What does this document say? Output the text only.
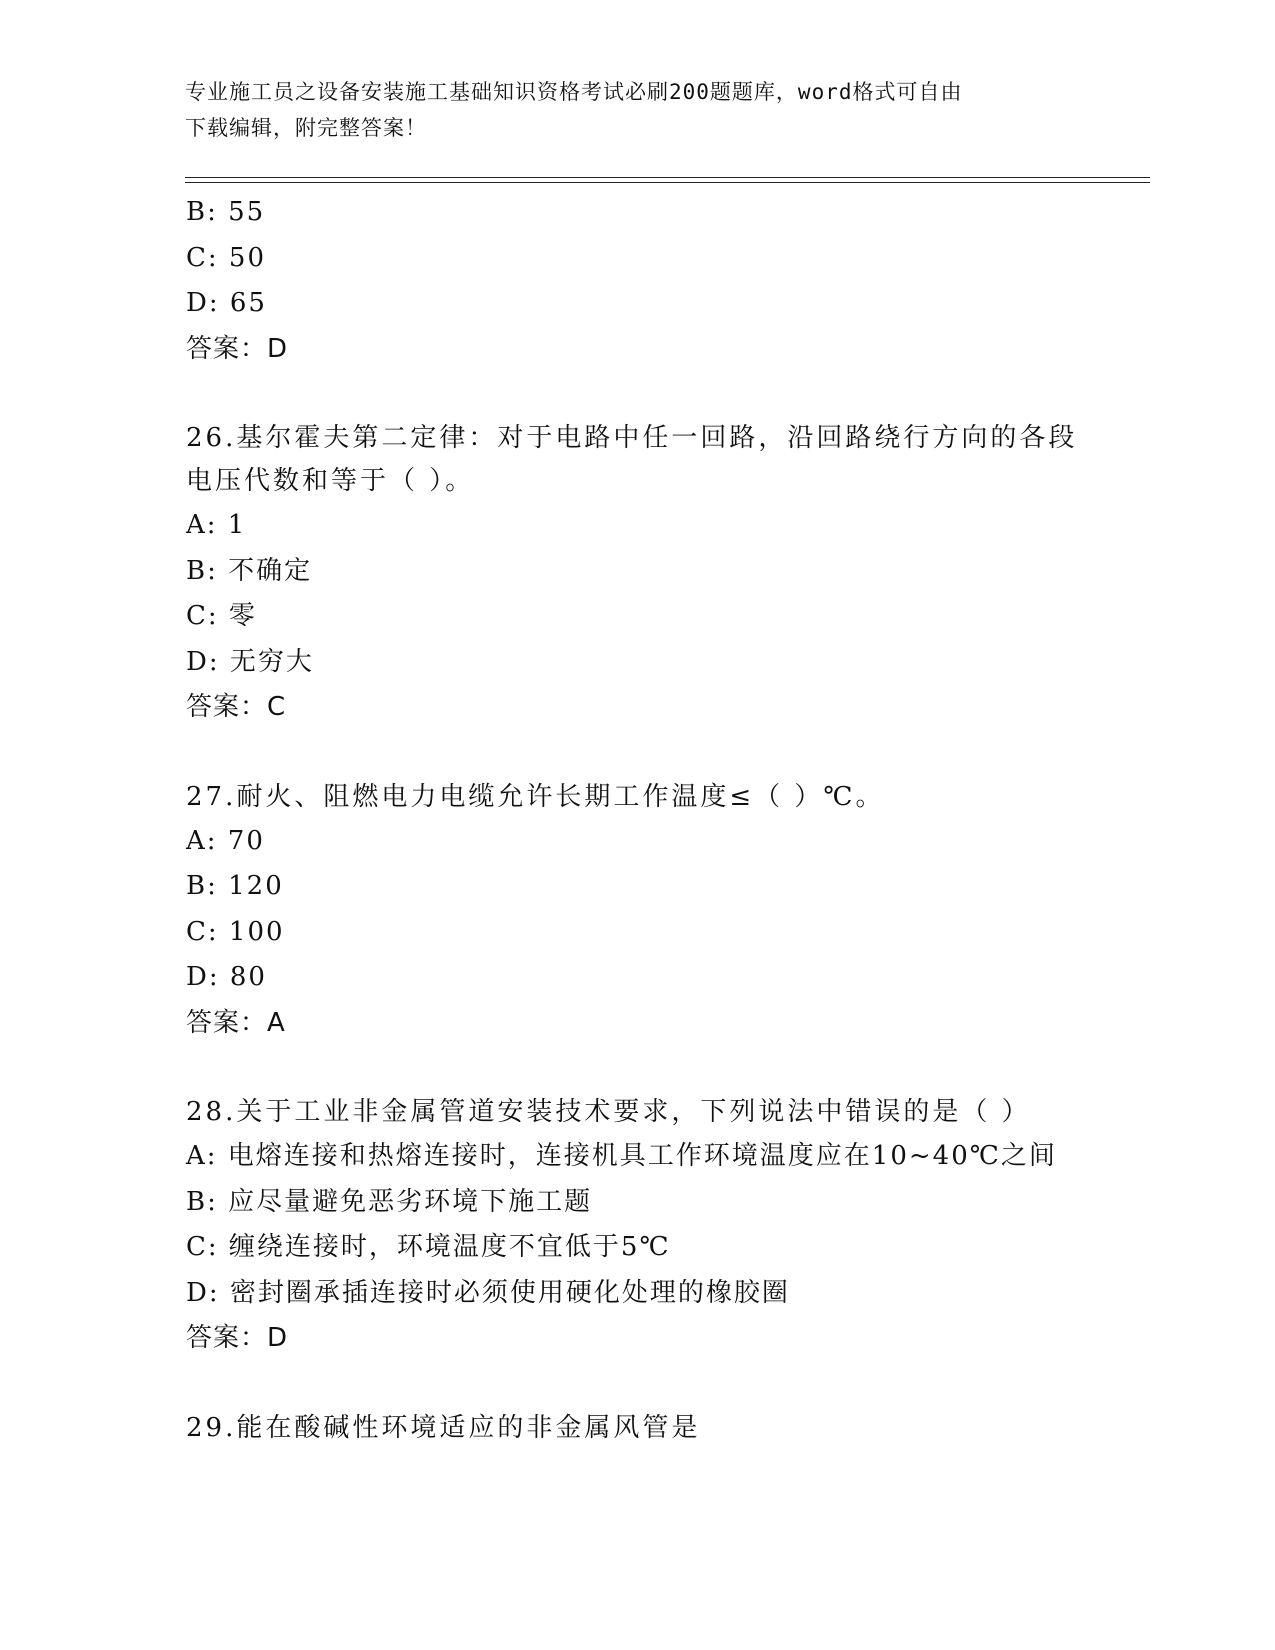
专业施工员之设备安装施工基础知识资格考试必刷200题题库，word格式可自由
下载编辑，附完整答案！
B: 55
C: 50
D: 65
答案：D
26.基尔霍夫第二定律：对于电路中任一回路，沿回路绕行方向的各段
电压代数和等于（ ）。
A: 1
B: 不确定
C: 零
D: 无穷大
答案：C
27.耐火、阻燃电力电缆允许长期工作温度≤（ ）℃。
A: 70
B: 120
C: 100
D: 80
答案：A
28.关于工业非金属管道安装技术要求，下列说法中错误的是（ ）
A: 电熔连接和热熔连接时，连接机具工作环境温度应在10~40℃之间
B: 应尽量避免恶劣环境下施工题
C: 缠绕连接时，环境温度不宜低于5℃
D: 密封圈承插连接时必须使用硬化处理的橡胶圈
答案：D
29.能在酸碱性环境适应的非金属风管是
